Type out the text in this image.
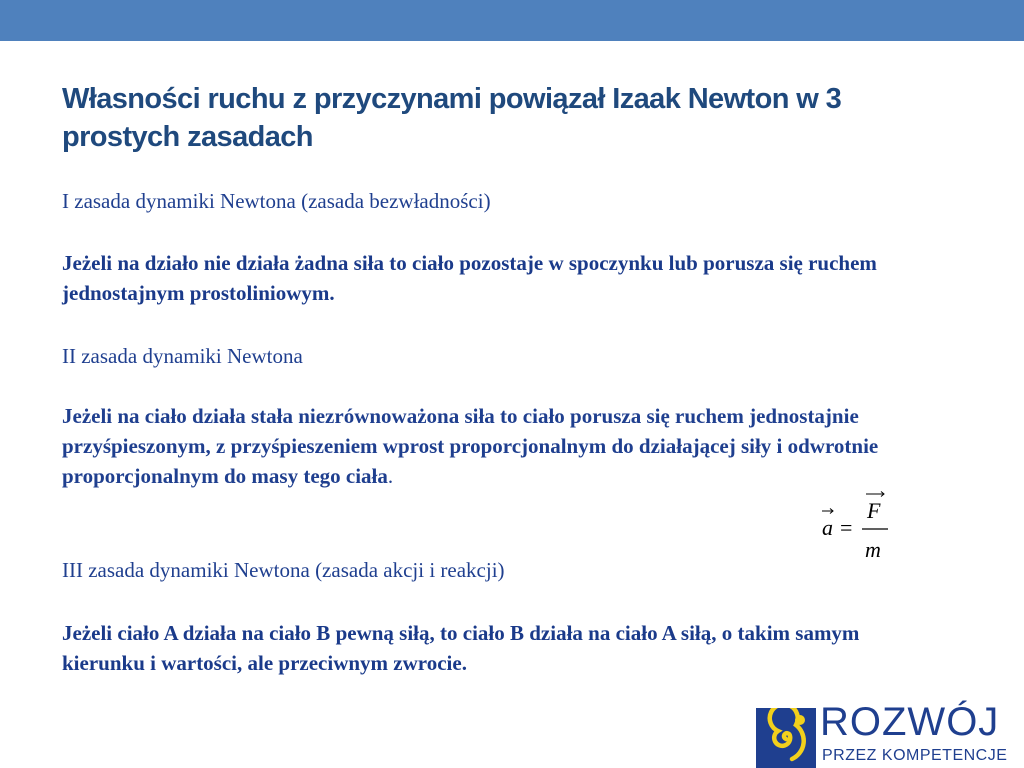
Własności ruchu z przyczynami powiązał Izaak Newton w 3 prostych zasadach

I zasada dynamiki Newtona (zasada bezwładności)

Jeżeli na działo nie działa żadna siła to ciało pozostaje w spoczynku lub porusza się ruchem jednostajnym prostoliniowym.

II zasada dynamiki Newtona

Jeżeli na ciało działa stała niezrównoważona siła to ciało porusza się ruchem jednostajnie przyśpieszonym, z przyśpieszeniem wprost proporcjonalnym do działającej siły i odwrotnie proporcjonalnym do masy tego ciała.

a =
F
m

III zasada dynamiki Newtona (zasada akcji i reakcji)

Jeżeli ciało A działa na ciało B pewną siłą, to ciało B działa na ciało A siłą, o takim samym kierunku i wartości, ale przeciwnym zwrocie.

ROZWÓJ
PRZEZ KOMPETENCJE
